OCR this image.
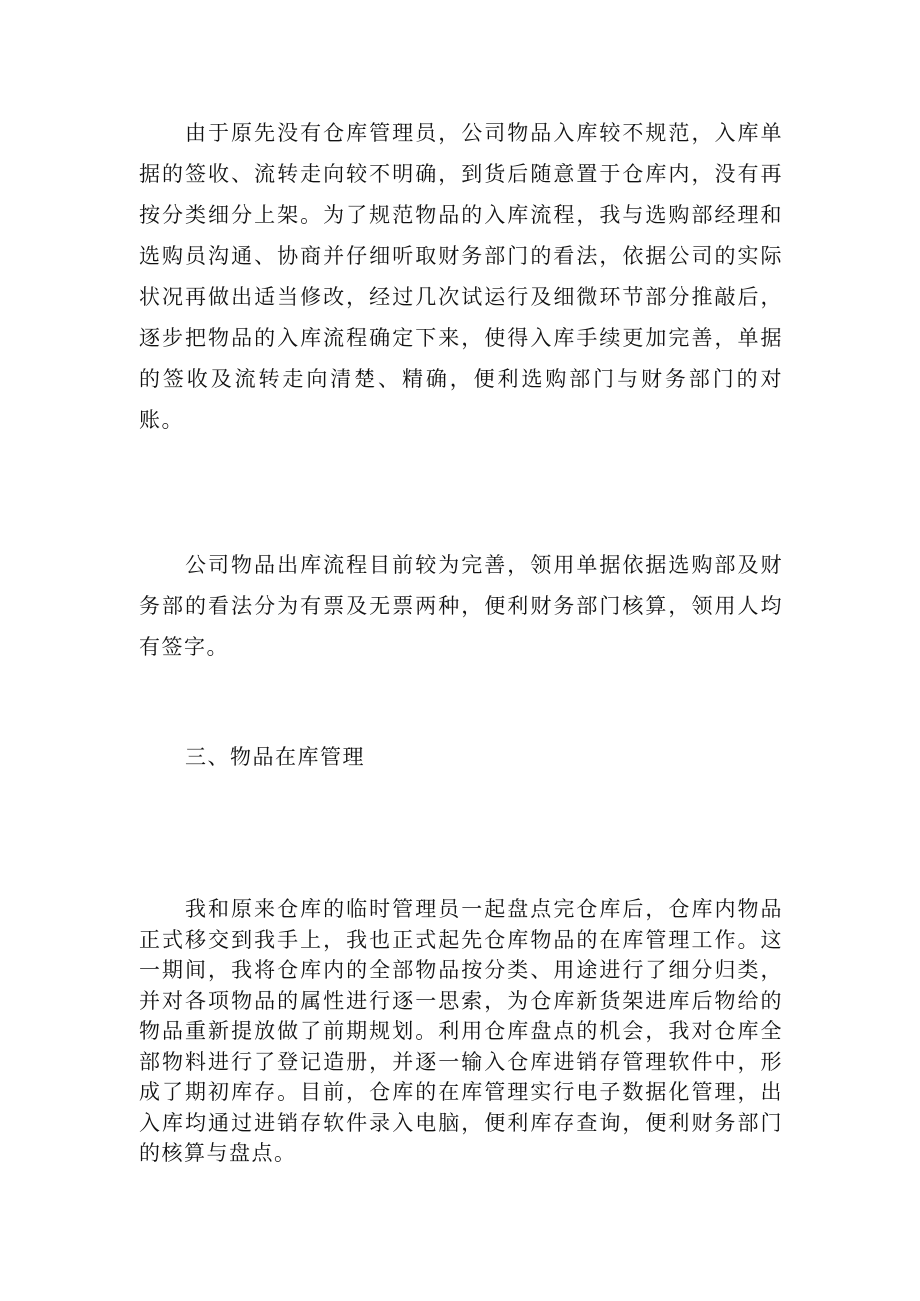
由于原先没有仓库管理员，公司物品入库较不规范，入库单据的签收、流转走向较不明确，到货后随意置于仓库内，没有再按分类细分上架。为了规范物品的入库流程，我与选购部经理和选购员沟通、协商并仔细听取财务部门的看法，依据公司的实际状况再做出适当修改，经过几次试运行及细微环节部分推敲后，逐步把物品的入库流程确定下来，使得入库手续更加完善，单据的签收及流转走向清楚、精确，便利选购部门与财务部门的对账。

公司物品出库流程目前较为完善，领用单据依据选购部及财务部的看法分为有票及无票两种，便利财务部门核算，领用人均有签字。

三、物品在库管理

我和原来仓库的临时管理员一起盘点完仓库后，仓库内物品正式移交到我手上，我也正式起先仓库物品的在库管理工作。这一期间，我将仓库内的全部物品按分类、用途进行了细分归类，并对各项物品的属性进行逐一思索，为仓库新货架进库后物给的物品重新提放做了前期规划。利用仓库盘点的机会，我对仓库全部物料进行了登记造册，并逐一输入仓库进销存管理软件中，形成了期初库存。目前，仓库的在库管理实行电子数据化管理，出入库均通过进销存软件录入电脑，便利库存查询，便利财务部门的核算与盘点。
